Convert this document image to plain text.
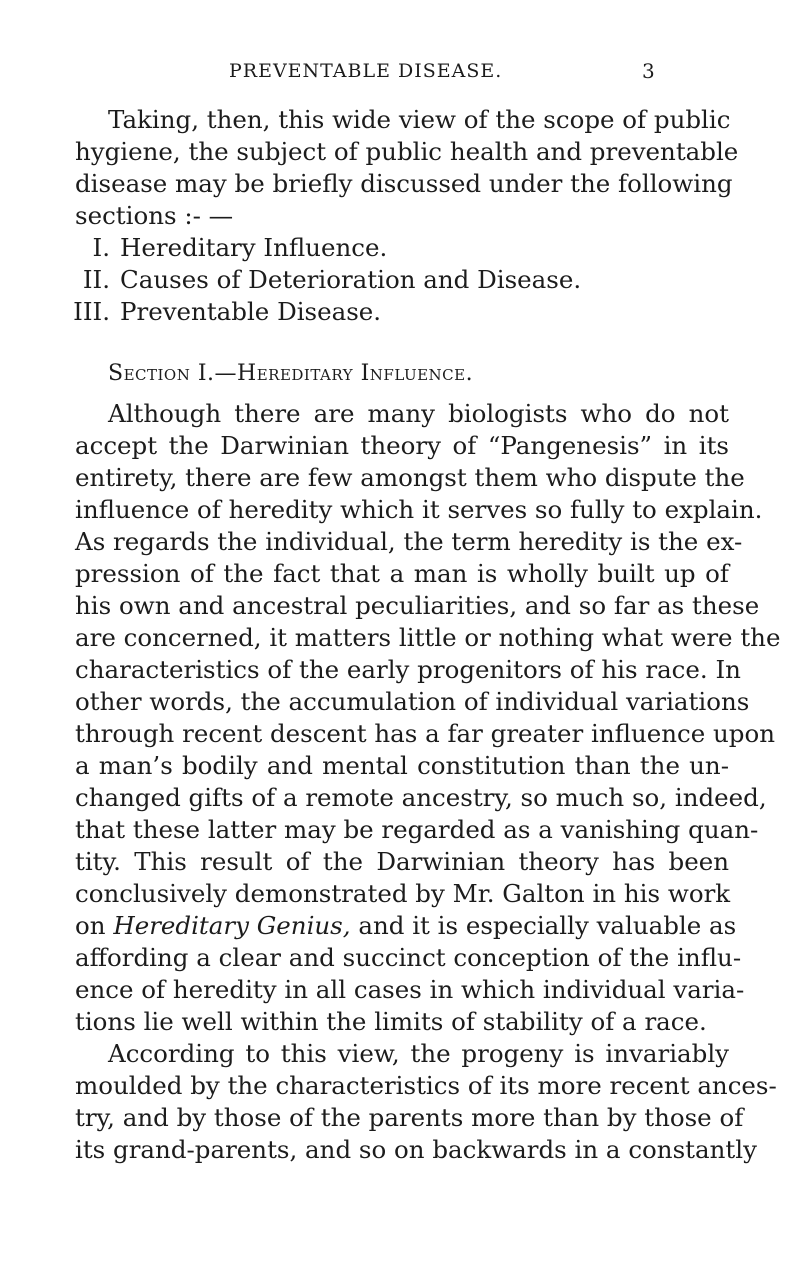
PREVENTABLE DISEASE.	3
Taking, then, this wide view of the scope of public
hygiene, the subject of public health and preventable
disease may be briefly discussed under the following
sections :- —
I. Hereditary Influence.
II. Causes of Deterioration and Disease.
III. Preventable Disease.
Section I.—Hereditary Influence.
Although there are many biologists who do not
accept the Darwinian theory of “Pangenesis” in its
entirety, there are few amongst them who dispute the
influence of heredity which it serves so fully to explain.
As regards the individual, the term heredity is the ex-
pression of the fact that a man is wholly built up of
his own and ancestral peculiarities, and so far as these
are concerned, it matters little or nothing what were the
characteristics of the early progenitors of his race. In
other words, the accumulation of individual variations
through recent descent has a far greater influence upon
a man’s bodily and mental constitution than the un-
changed gifts of a remote ancestry, so much so, indeed,
that these latter may be regarded as a vanishing quan-
tity. This result of the Darwinian theory has been
conclusively demonstrated by Mr. Galton in his work
on Hereditary Genius, and it is especially valuable as
affording a clear and succinct conception of the influ-
ence of heredity in all cases in which individual varia-
tions lie well within the limits of stability of a race.
According to this view, the progeny is invariably
moulded by the characteristics of its more recent ances-
try, and by those of the parents more than by those of
its grand-parents, and so on backwards in a constantly
